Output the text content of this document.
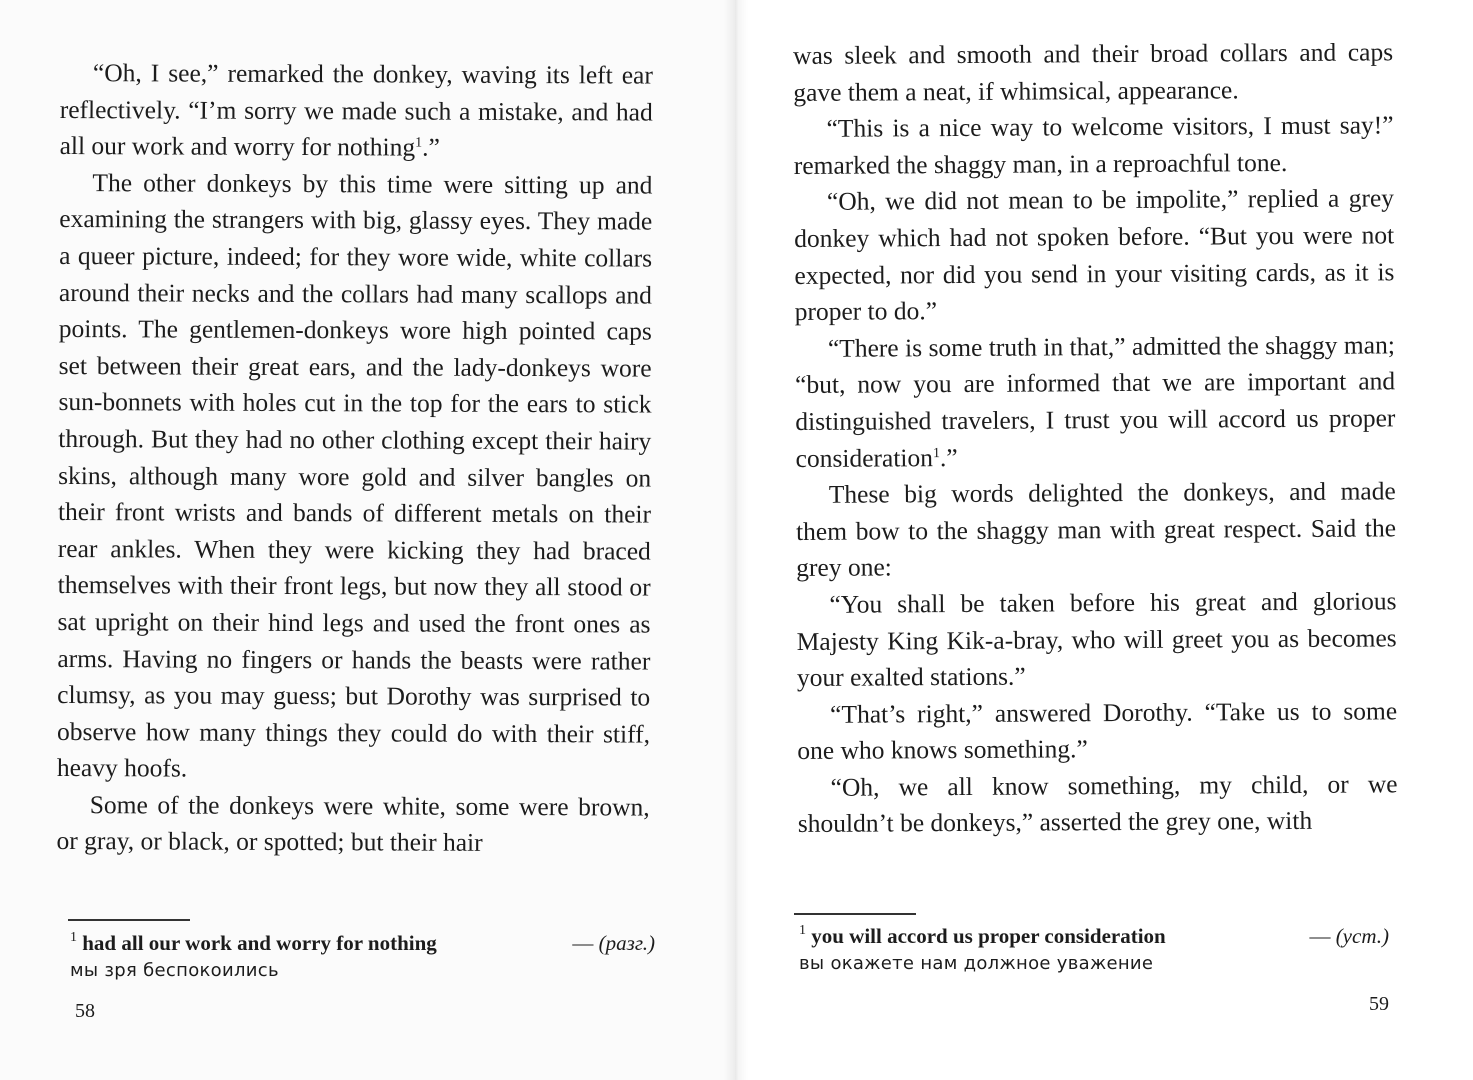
“Oh, I see,” remarked the donkey, waving its left ear reflectively. “I’m sorry we made such a mistake, and had all our work and worry for nothing$^1$.”

The other donkeys by this time were sitting up and examining the strangers with big, glassy eyes. They made a queer picture, indeed; for they wore wide, white collars around their necks and the collars had many scallops and points. The gentlemen-donkeys wore high pointed caps set between their great ears, and the lady-donkeys wore sun-bonnets with holes cut in the top for the ears to stick through. But they had no other clothing except their hairy skins, although many wore gold and silver bangles on their front wrists and bands of different metals on their rear ankles. When they were kicking they had braced themselves with their front legs, but now they all stood or sat upright on their hind legs and used the front ones as arms. Having no fingers or hands the beasts were rather clumsy, as you may guess; but Dorothy was surprised to observe how many things they could do with their stiff, heavy hoofs.

Some of the donkeys were white, some were brown, or gray, or black, or spotted; but their hair

$^1$ had all our work and worry for nothing	— (разг.)
мы зря беспокоились
58

was sleek and smooth and their broad collars and caps gave them a neat, if whimsical, appearance.

“This is a nice way to welcome visitors, I must say!” remarked the shaggy man, in a reproachful tone.

“Oh, we did not mean to be impolite,” replied a grey donkey which had not spoken before. “But you were not expected, nor did you send in your visiting cards, as it is proper to do.”

“There is some truth in that,” admitted the shaggy man; “but, now you are informed that we are important and distinguished travelers, I trust you will accord us proper consideration$^1$.”

These big words delighted the donkeys, and made them bow to the shaggy man with great respect. Said the grey one:

“You shall be taken before his great and glorious Majesty King Kik-a-bray, who will greet you as becomes your exalted stations.”

“That’s right,” answered Dorothy. “Take us to some one who knows something.”

“Oh, we all know something, my child, or we shouldn’t be donkeys,” asserted the grey one, with

$^1$ you will accord us proper consideration	— (уст.)
вы окажете нам должное уважение
59
